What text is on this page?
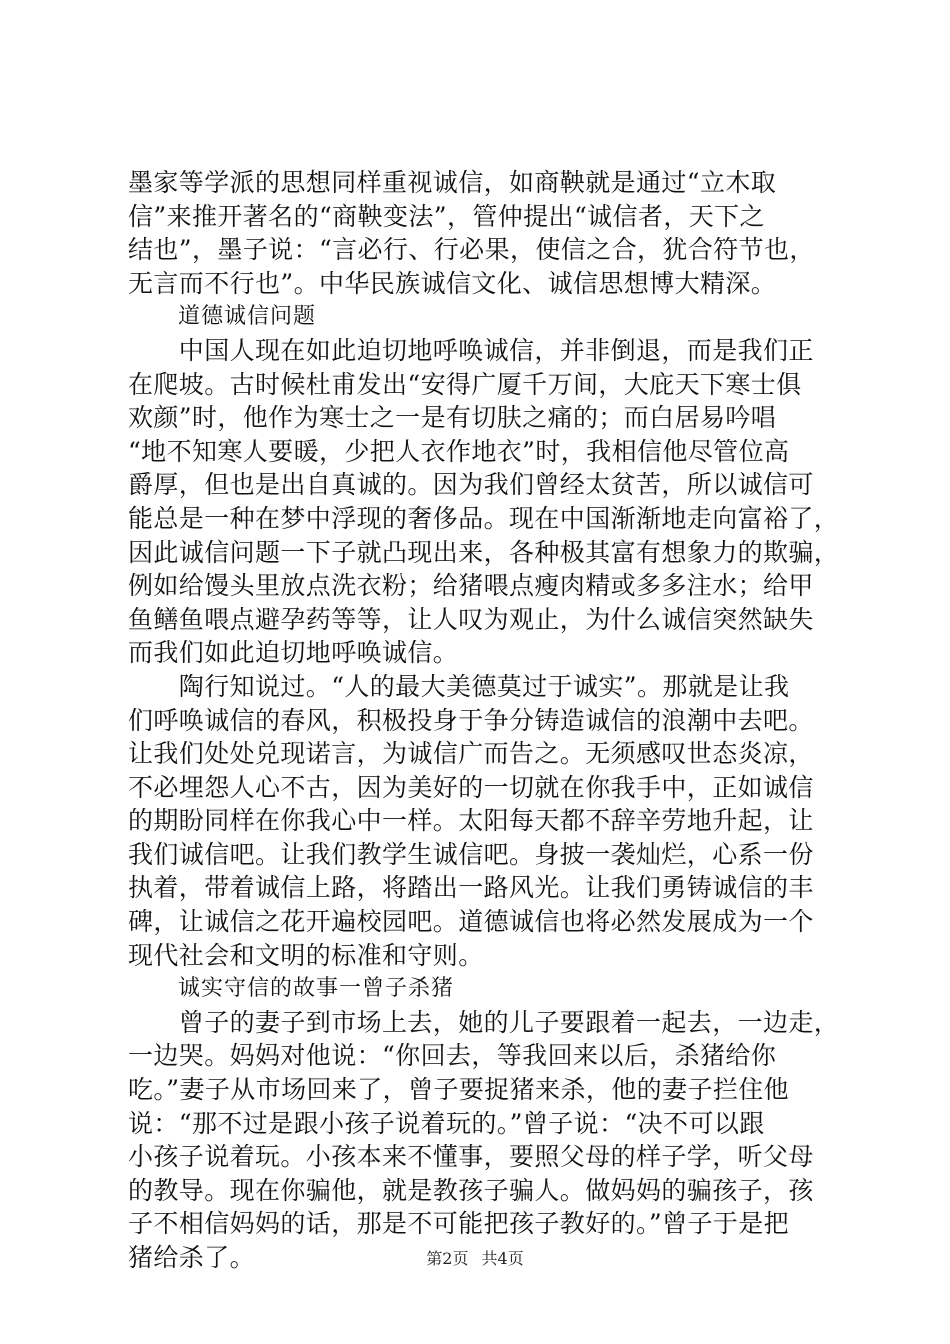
墨家等学派的思想同样重视诚信，如商鞅就是通过“立木取
信”来推开著名的“商鞅变法”，管仲提出“诚信者，天下之
结也”，墨子说：“言必行、行必果，使信之合，犹合符节也，
无言而不行也”。中华民族诚信文化、诚信思想博大精深。
道德诚信问题
　　中国人现在如此迫切地呼唤诚信，并非倒退，而是我们正
在爬坡。古时候杜甫发出“安得广厦千万间，大庇天下寒士俱
欢颜”时，他作为寒士之一是有切肤之痛的；而白居易吟唱
“地不知寒人要暖，少把人衣作地衣”时，我相信他尽管位高
爵厚，但也是出自真诚的。因为我们曾经太贫苦，所以诚信可
能总是一种在梦中浮现的奢侈品。现在中国渐渐地走向富裕了，
因此诚信问题一下子就凸现出来，各种极其富有想象力的欺骗，
例如给馒头里放点洗衣粉；给猪喂点瘦肉精或多多注水；给甲
鱼鳝鱼喂点避孕药等等，让人叹为观止，为什么诚信突然缺失
而我们如此迫切地呼唤诚信。
　　陶行知说过。“人的最大美德莫过于诚实”。那就是让我
们呼唤诚信的春风，积极投身于争分铸造诚信的浪潮中去吧。
让我们处处兑现诺言，为诚信广而告之。无须感叹世态炎凉，
不必埋怨人心不古，因为美好的一切就在你我手中，正如诚信
的期盼同样在你我心中一样。太阳每天都不辞辛劳地升起，让
我们诚信吧。让我们教学生诚信吧。身披一袭灿烂，心系一份
执着，带着诚信上路，将踏出一路风光。让我们勇铸诚信的丰
碑，让诚信之花开遍校园吧。道德诚信也将必然发展成为一个
现代社会和文明的标准和守则。
诚实守信的故事一曾子杀猪
　　曾子的妻子到市场上去，她的儿子要跟着一起去，一边走，
一边哭。妈妈对他说：“你回去，等我回来以后，杀猪给你
吃。”妻子从市场回来了，曾子要捉猪来杀，他的妻子拦住他
说：“那不过是跟小孩子说着玩的。”曾子说：“决不可以跟
小孩子说着玩。小孩本来不懂事，要照父母的样子学，听父母
的教导。现在你骗他，就是教孩子骗人。做妈妈的骗孩子，孩
子不相信妈妈的话，那是不可能把孩子教好的。”曾子于是把
猪给杀了。	第2页 共4页
